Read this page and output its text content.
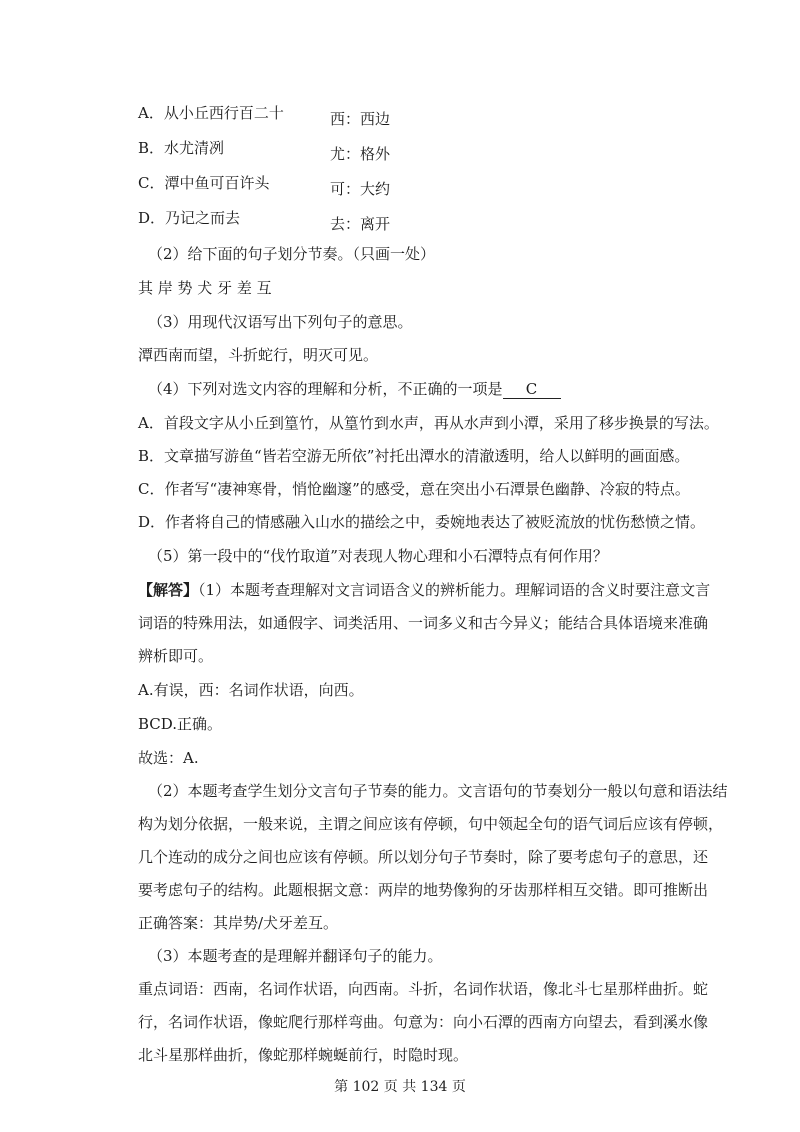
A．从小丘西行百二十	西：西边
B．水尤清冽	尤：格外
C．潭中鱼可百许头	可：大约
D．乃记之而去	去：离开
（2）给下面的句子划分节奏。（只画一处）
其 岸 势 犬 牙 差 互
（3）用现代汉语写出下列句子的意思。
潭西南而望，斗折蛇行，明灭可见。
（4）下列对选文内容的理解和分析，不正确的一项是 C
A．首段文字从小丘到篁竹，从篁竹到水声，再从水声到小潭，采用了移步换景的写法。
B．文章描写游鱼“皆若空游无所依”衬托出潭水的清澈透明，给人以鲜明的画面感。
C．作者写“凄神寒骨，悄怆幽邃”的感受，意在突出小石潭景色幽静、冷寂的特点。
D．作者将自己的情感融入山水的描绘之中，委婉地表达了被贬流放的忧伤愁愤之情。
（5）第一段中的“伐竹取道”对表现人物心理和小石潭特点有何作用？
【解答】（1）本题考查理解对文言词语含义的辨析能力。理解词语的含义时要注意文言
词语的特殊用法，如通假字、词类活用、一词多义和古今异义；能结合具体语境来准确
辨析即可。
A.有误，西：名词作状语，向西。
BCD.正确。
故选：A.
（2）本题考查学生划分文言句子节奏的能力。文言语句的节奏划分一般以句意和语法结
构为划分依据，一般来说，主谓之间应该有停顿，句中领起全句的语气词后应该有停顿，
几个连动的成分之间也应该有停顿。所以划分句子节奏时，除了要考虑句子的意思，还
要考虑句子的结构。此题根据文意：两岸的地势像狗的牙齿那样相互交错。即可推断出
正确答案：其岸势/犬牙差互。
（3）本题考查的是理解并翻译句子的能力。
重点词语：西南，名词作状语，向西南。斗折，名词作状语，像北斗七星那样曲折。蛇
行，名词作状语，像蛇爬行那样弯曲。句意为：向小石潭的西南方向望去，看到溪水像
北斗星那样曲折，像蛇那样蜿蜒前行，时隐时现。
第 102 页 共 134 页
